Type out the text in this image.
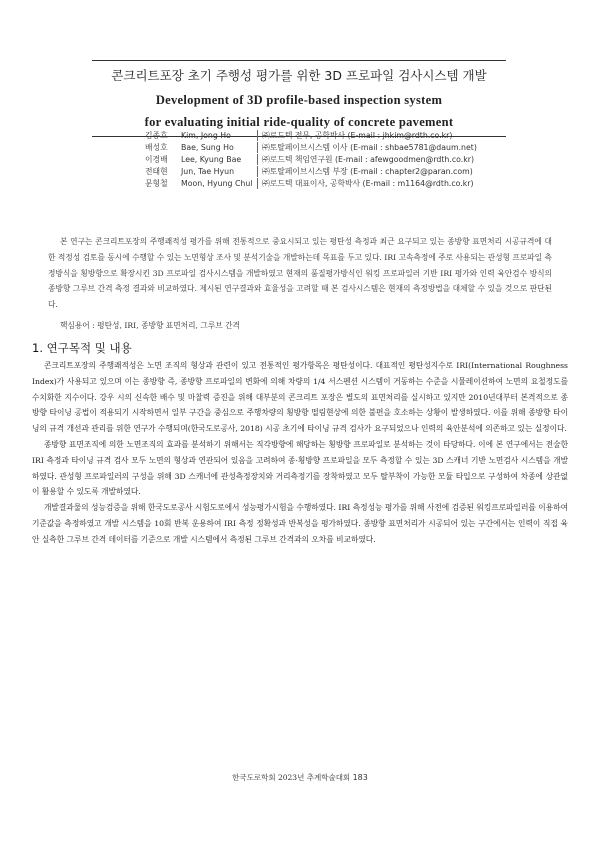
콘크리트포장 초기 주행성 평가를 위한 3D 프로파일 검사시스템 개발
Development of 3D profile-based inspection system
for evaluating initial ride-quality of concrete pavement
김종호	Kim, Jong Ho	㈜로드텍 전무, 공학박사 (E-mail : jhkim@rdth.co.kr)
배성호	Bae, Sung Ho	㈜토탈페이브시스템 이사 (E-mail : shbae5781@daum.net)
이경배	Lee, Kyung Bae	㈜로드텍 책임연구원 (E-mail : afewgoodmen@rdth.co.kr)
전태현	Jun, Tae Hyun	㈜토탈페이브시스템 부장 (E-mail : chapter2@paran.com)
문형철	Moon, Hyung Chul	㈜로드텍 대표이사, 공학박사 (E-mail : m1164@rdth.co.kr)

본 연구는 콘크리트포장의 주행쾌적성 평가를 위해 전통적으로 중요시되고 있는 평탄성 측정과 최근 요구되고 있는 종방향 표면처리 시공규격에 대한 적정성 검토를 동시에 수행할 수 있는 노면형상 조사 및 분석기술을 개발하는데 목표를 두고 있다. IRI 고속측정에 주로 사용되는 관성형 프로파일 측정방식을 횡방향으로 확장시킨 3D 프로파일 검사시스템을 개발하였고 현재의 품질평가방식인 워킹 프로파일러 기반 IRI 평가와 인력 육안검수 방식의 종방향 그루브 간격 측정 결과와 비교하였다. 제시된 연구결과와 효율성을 고려할 때 본 검사시스템은 현재의 측정방법을 대체할 수 있을 것으로 판단된다.

핵심용어 : 평탄성, IRI, 종방향 표면처리, 그루브 간격
1. 연구목적 및 내용

콘크리트포장의 주행쾌적성은 노면 조직의 형상과 관련이 있고 전통적인 평가항목은 평탄성이다. 대표적인 평탄성지수로 IRI(International Roughness Index)가 사용되고 있으며 이는 종방향 즉, 종방향 프로파일의 변화에 의해 차량의 1/4 서스펜션 시스템이 거동하는 수준을 시뮬레이션하여 노면의 요철정도를 수치화한 지수이다. 강우 시의 신속한 배수 및 마찰력 증진을 위해 대부분의 콘크리트 포장은 별도의 표면처리를 실시하고 있지만 2010년대부터 본격적으로 종방향 타이닝 공법이 적용되기 시작하면서 일부 구간을 중심으로 주행차량의 횡방향 떨림현상에 의한 불편을 호소하는 상황이 발생하였다. 이를 위해 종방향 타이닝의 규격 개선과 관리를 위한 연구가 수행되며(한국도로공사, 2018) 시공 초기에 타이닝 규격 검사가 요구되었으나 인력의 육안분석에 의존하고 있는 실정이다.

종방향 표면조직에 의한 노면조직의 효과를 분석하기 위해서는 직각방향에 해당하는 횡방향 프로파일로 분석하는 것이 타당하다. 이에 본 연구에서는 전술한 IRI 측정과 타이닝 규격 검사 모두 노면의 형상과 연관되어 있음을 고려하여 종·횡방향 프로파일을 모두 측정할 수 있는 3D 스캐너 기반 노면검사 시스템을 개발하였다. 관성형 프로파일러의 구성을 위해 3D 스캐너에 관성측정장치와 거리측정기를 장착하였고 모두 탈부착이 가능한 모듈 타입으로 구성하여 차종에 상관없이 활용할 수 있도록 개발하였다.

개발결과물의 성능검증을 위해 한국도로공사 시험도로에서 성능평가시험을 수행하였다. IRI 측정성능 평가를 위해 사전에 검증된 워킹프로파일러를 이용하여 기준값을 측정하였고 개발 시스템을 10회 반복 운용하여 IRI 측정 정확성과 반복성을 평가하였다. 종방향 표면처리가 시공되어 있는 구간에서는 인력이 직접 육안 실측한 그루브 간격 데이터를 기준으로 개발 시스템에서 측정된 그루브 간격과의 오차를 비교하였다.

한국도로학회 2023년 추계학술대회 183
